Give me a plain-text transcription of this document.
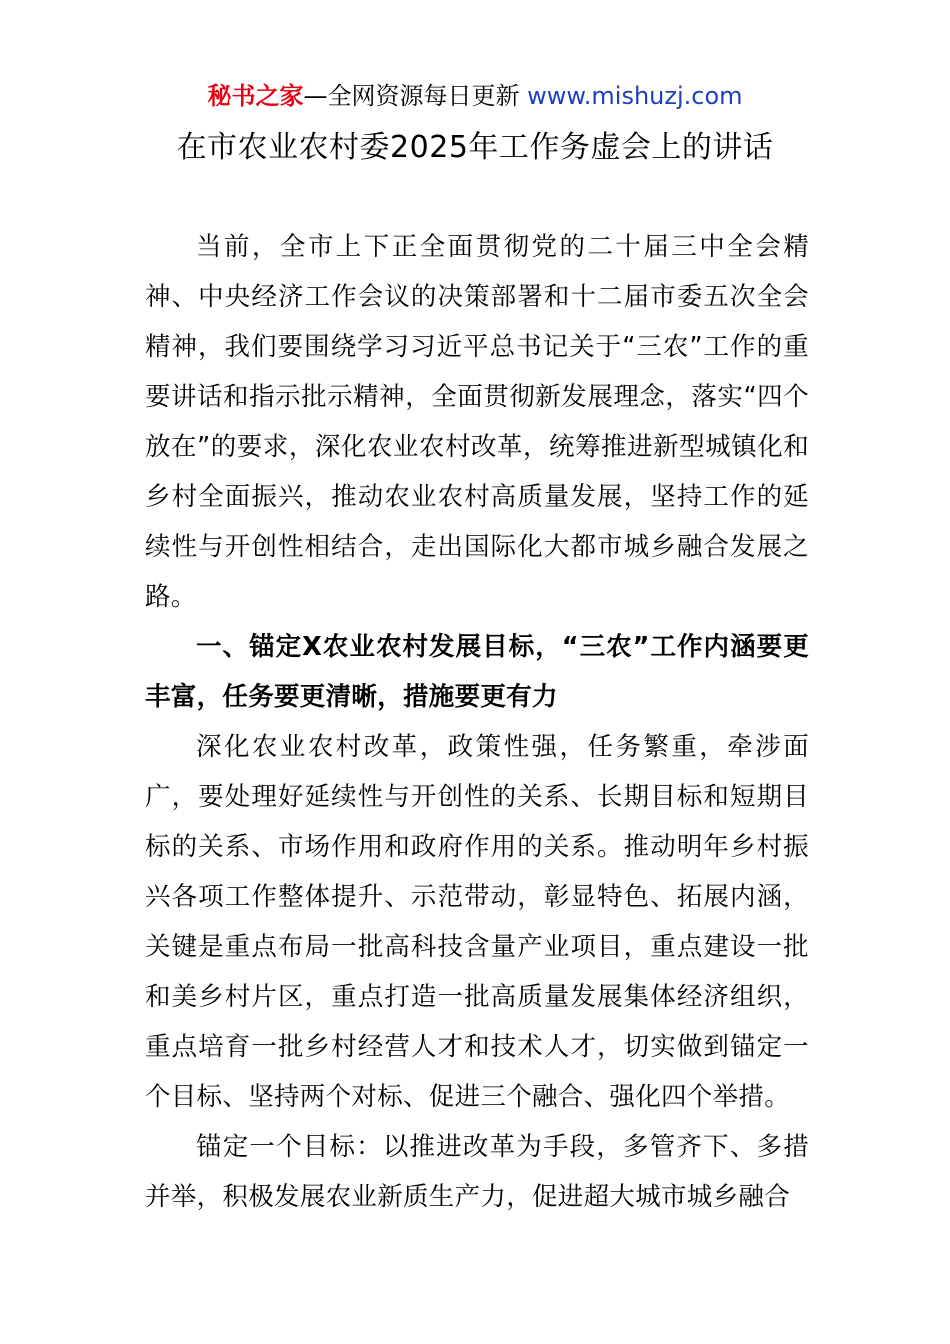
秘书之家—全网资源每日更新 www.mishuzj.com
在市农业农村委2025年工作务虚会上的讲话

当前，全市上下正全面贯彻党的二十届三中全会精神、中央经济工作会议的决策部署和十二届市委五次全会精神，我们要围绕学习习近平总书记关于“三农”工作的重要讲话和指示批示精神，全面贯彻新发展理念，落实“四个放在”的要求，深化农业农村改革，统筹推进新型城镇化和乡村全面振兴，推动农业农村高质量发展，坚持工作的延续性与开创性相结合，走出国际化大都市城乡融合发展之路。

一、锚定X农业农村发展目标，“三农”工作内涵要更丰富，任务要更清晰，措施要更有力

深化农业农村改革，政策性强，任务繁重，牵涉面广，要处理好延续性与开创性的关系、长期目标和短期目标的关系、市场作用和政府作用的关系。推动明年乡村振兴各项工作整体提升、示范带动，彰显特色、拓展内涵，关键是重点布局一批高科技含量产业项目，重点建设一批和美乡村片区，重点打造一批高质量发展集体经济组织，重点培育一批乡村经营人才和技术人才，切实做到锚定一个目标、坚持两个对标、促进三个融合、强化四个举措。

锚定一个目标：以推进改革为手段，多管齐下、多措并举，积极发展农业新质生产力，促进超大城市城乡融合
